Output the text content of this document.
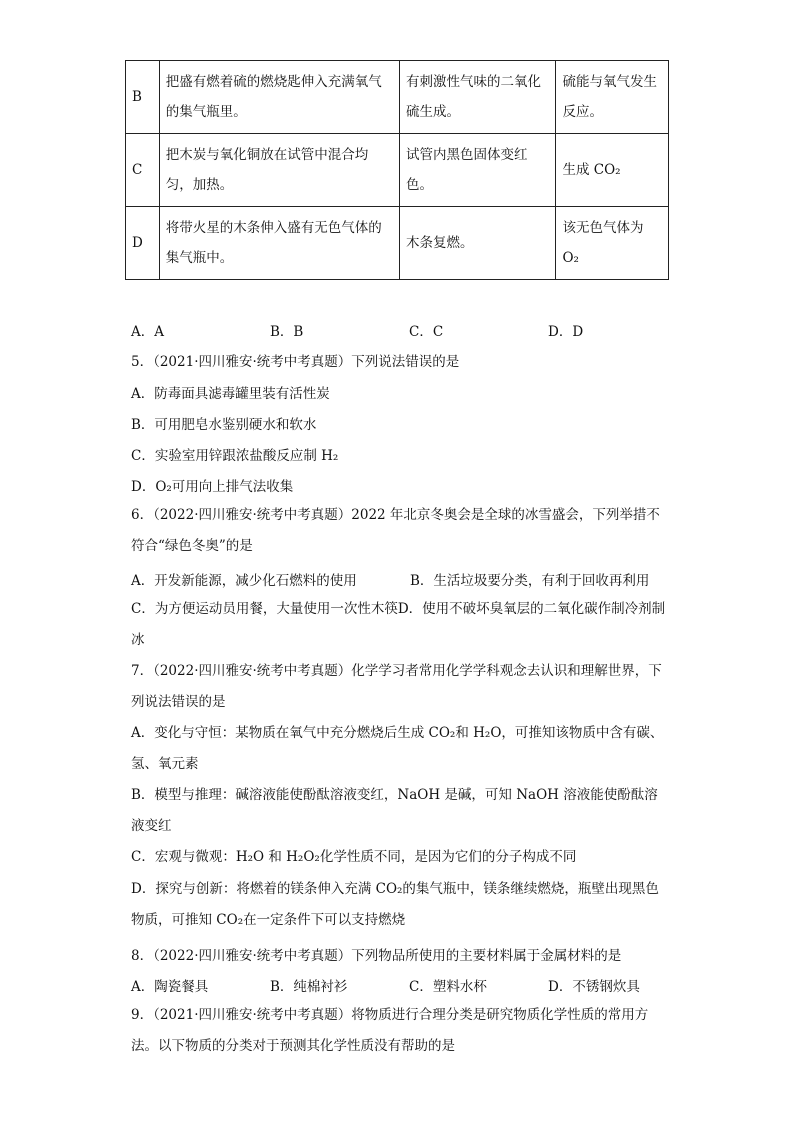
B	把盛有燃着硫的燃烧匙伸入充满氧气的集气瓶里。	有刺激性气味的二氧化硫生成。	硫能与氧气发生反应。
C	把木炭与氧化铜放在试管中混合均匀，加热。	试管内黑色固体变红色。	生成 CO₂
D	将带火星的木条伸入盛有无色气体的集气瓶中。	木条复燃。	该无色气体为 O₂
A．A	B．B	C．C	D．D
5．（2021·四川雅安·统考中考真题）下列说法错误的是
A．防毒面具滤毒罐里装有活性炭
B．可用肥皂水鉴别硬水和软水
C．实验室用锌跟浓盐酸反应制 H₂
D．O₂可用向上排气法收集
6．（2022·四川雅安·统考中考真题）2022 年北京冬奥会是全球的冰雪盛会，下列举措不符合“绿色冬奥”的是
A．开发新能源，减少化石燃料的使用	B．生活垃圾要分类，有利于回收再利用
C．为方便运动员用餐，大量使用一次性木筷D．使用不破坏臭氧层的二氧化碳作制冷剂制冰
7．（2022·四川雅安·统考中考真题）化学学习者常用化学学科观念去认识和理解世界，下列说法错误的是
A．变化与守恒：某物质在氧气中充分燃烧后生成 CO₂和 H₂O，可推知该物质中含有碳、氢、氧元素
B．模型与推理：碱溶液能使酚酞溶液变红，NaOH 是碱，可知 NaOH 溶液能使酚酞溶液变红
C．宏观与微观：H₂O 和 H₂O₂化学性质不同，是因为它们的分子构成不同
D．探究与创新：将燃着的镁条伸入充满 CO₂的集气瓶中，镁条继续燃烧，瓶壁出现黑色物质，可推知 CO₂在一定条件下可以支持燃烧
8．（2022·四川雅安·统考中考真题）下列物品所使用的主要材料属于金属材料的是
A．陶瓷餐具	B．纯棉衬衫	C．塑料水杯	D．不锈钢炊具
9．（2021·四川雅安·统考中考真题）将物质进行合理分类是研究物质化学性质的常用方法。以下物质的分类对于预测其化学性质没有帮助的是
